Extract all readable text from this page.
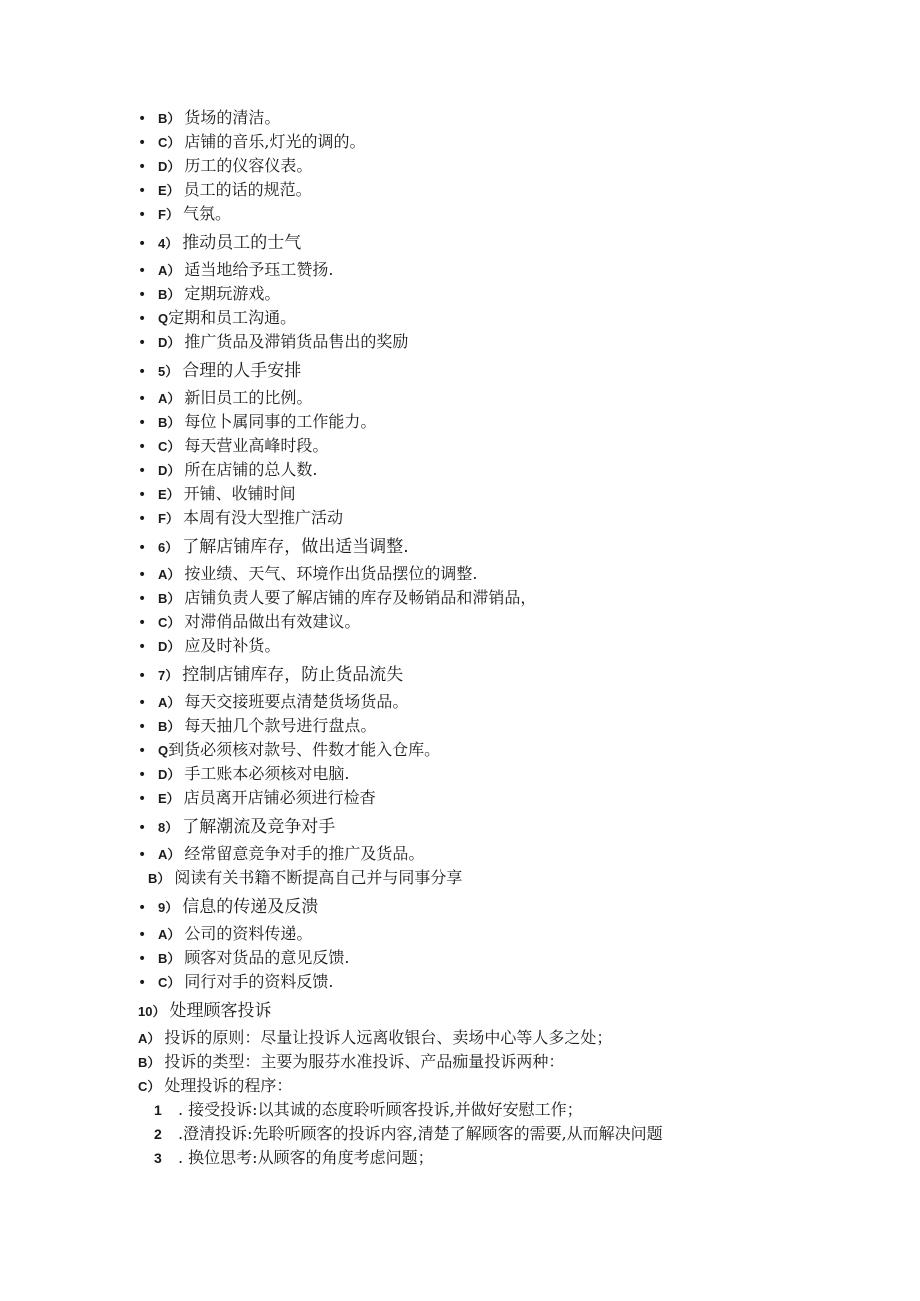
• B） 货场的清洁。
• C） 店铺的音乐,灯光的调的。
• D） 历工的仪容仪表。
• E） 员工的话的规范。
• F） 气氛。
• 4） 推动员工的士气
• A） 适当地给予珏工赞扬.
• B） 定期玩游戏。
• Q定期和员工沟通。
• D） 推广货品及滞销货品售出的奖励
• 5） 合理的人手安排
• A） 新旧员工的比例。
• B） 每位卜属同事的工作能力。
• C） 每天营业高峰时段。
• D） 所在店铺的总人数.
• E） 开铺、收铺时间
• F） 本周有没大型推广活动
• 6） 了解店铺库存，做出适当调整.
• A） 按业绩、天气、环境作出货品摆位的调整.
• B） 店铺负责人要了解店铺的库存及畅销品和滞销品，
• C） 对滞俏品做出有效建议。
• D） 应及时补货。
• 7） 控制店铺库存，防止货品流失
• A） 每天交接班要点清楚货场货品。
• B） 每天抽几个款号进行盘点。
• Q到货必须核对款号、件数才能入仓库。
• D） 手工账本必须核对电脑.
• E） 店员离开店铺必须进行检杳
• 8） 了解潮流及竞争对手
• A） 经常留意竞争对手的推广及货品。
B） 阅读有关书籍不断提高自己并与同事分享
• 9） 信息的传递及反溃
• A） 公司的资料传递。
• B） 顾客对货品的意见反馈.
• C） 同行对手的资料反馈.
10） 处理顾客投诉
A） 投诉的原则：尽量让投诉人远离收银台、卖场中心等人多之处；
B） 投诉的类型：主要为服芬水准投诉、产品痂量投诉两种：
C） 处理投诉的程序：
1 . 接受投诉:以其诚的态度聆听顾客投诉,并做好安慰工作；
2 .澄清投诉:先聆听顾客的投诉内容,清楚了解顾客的需要,从而解决问题
3 . 换位思考:从顾客的角度考虑问题；
